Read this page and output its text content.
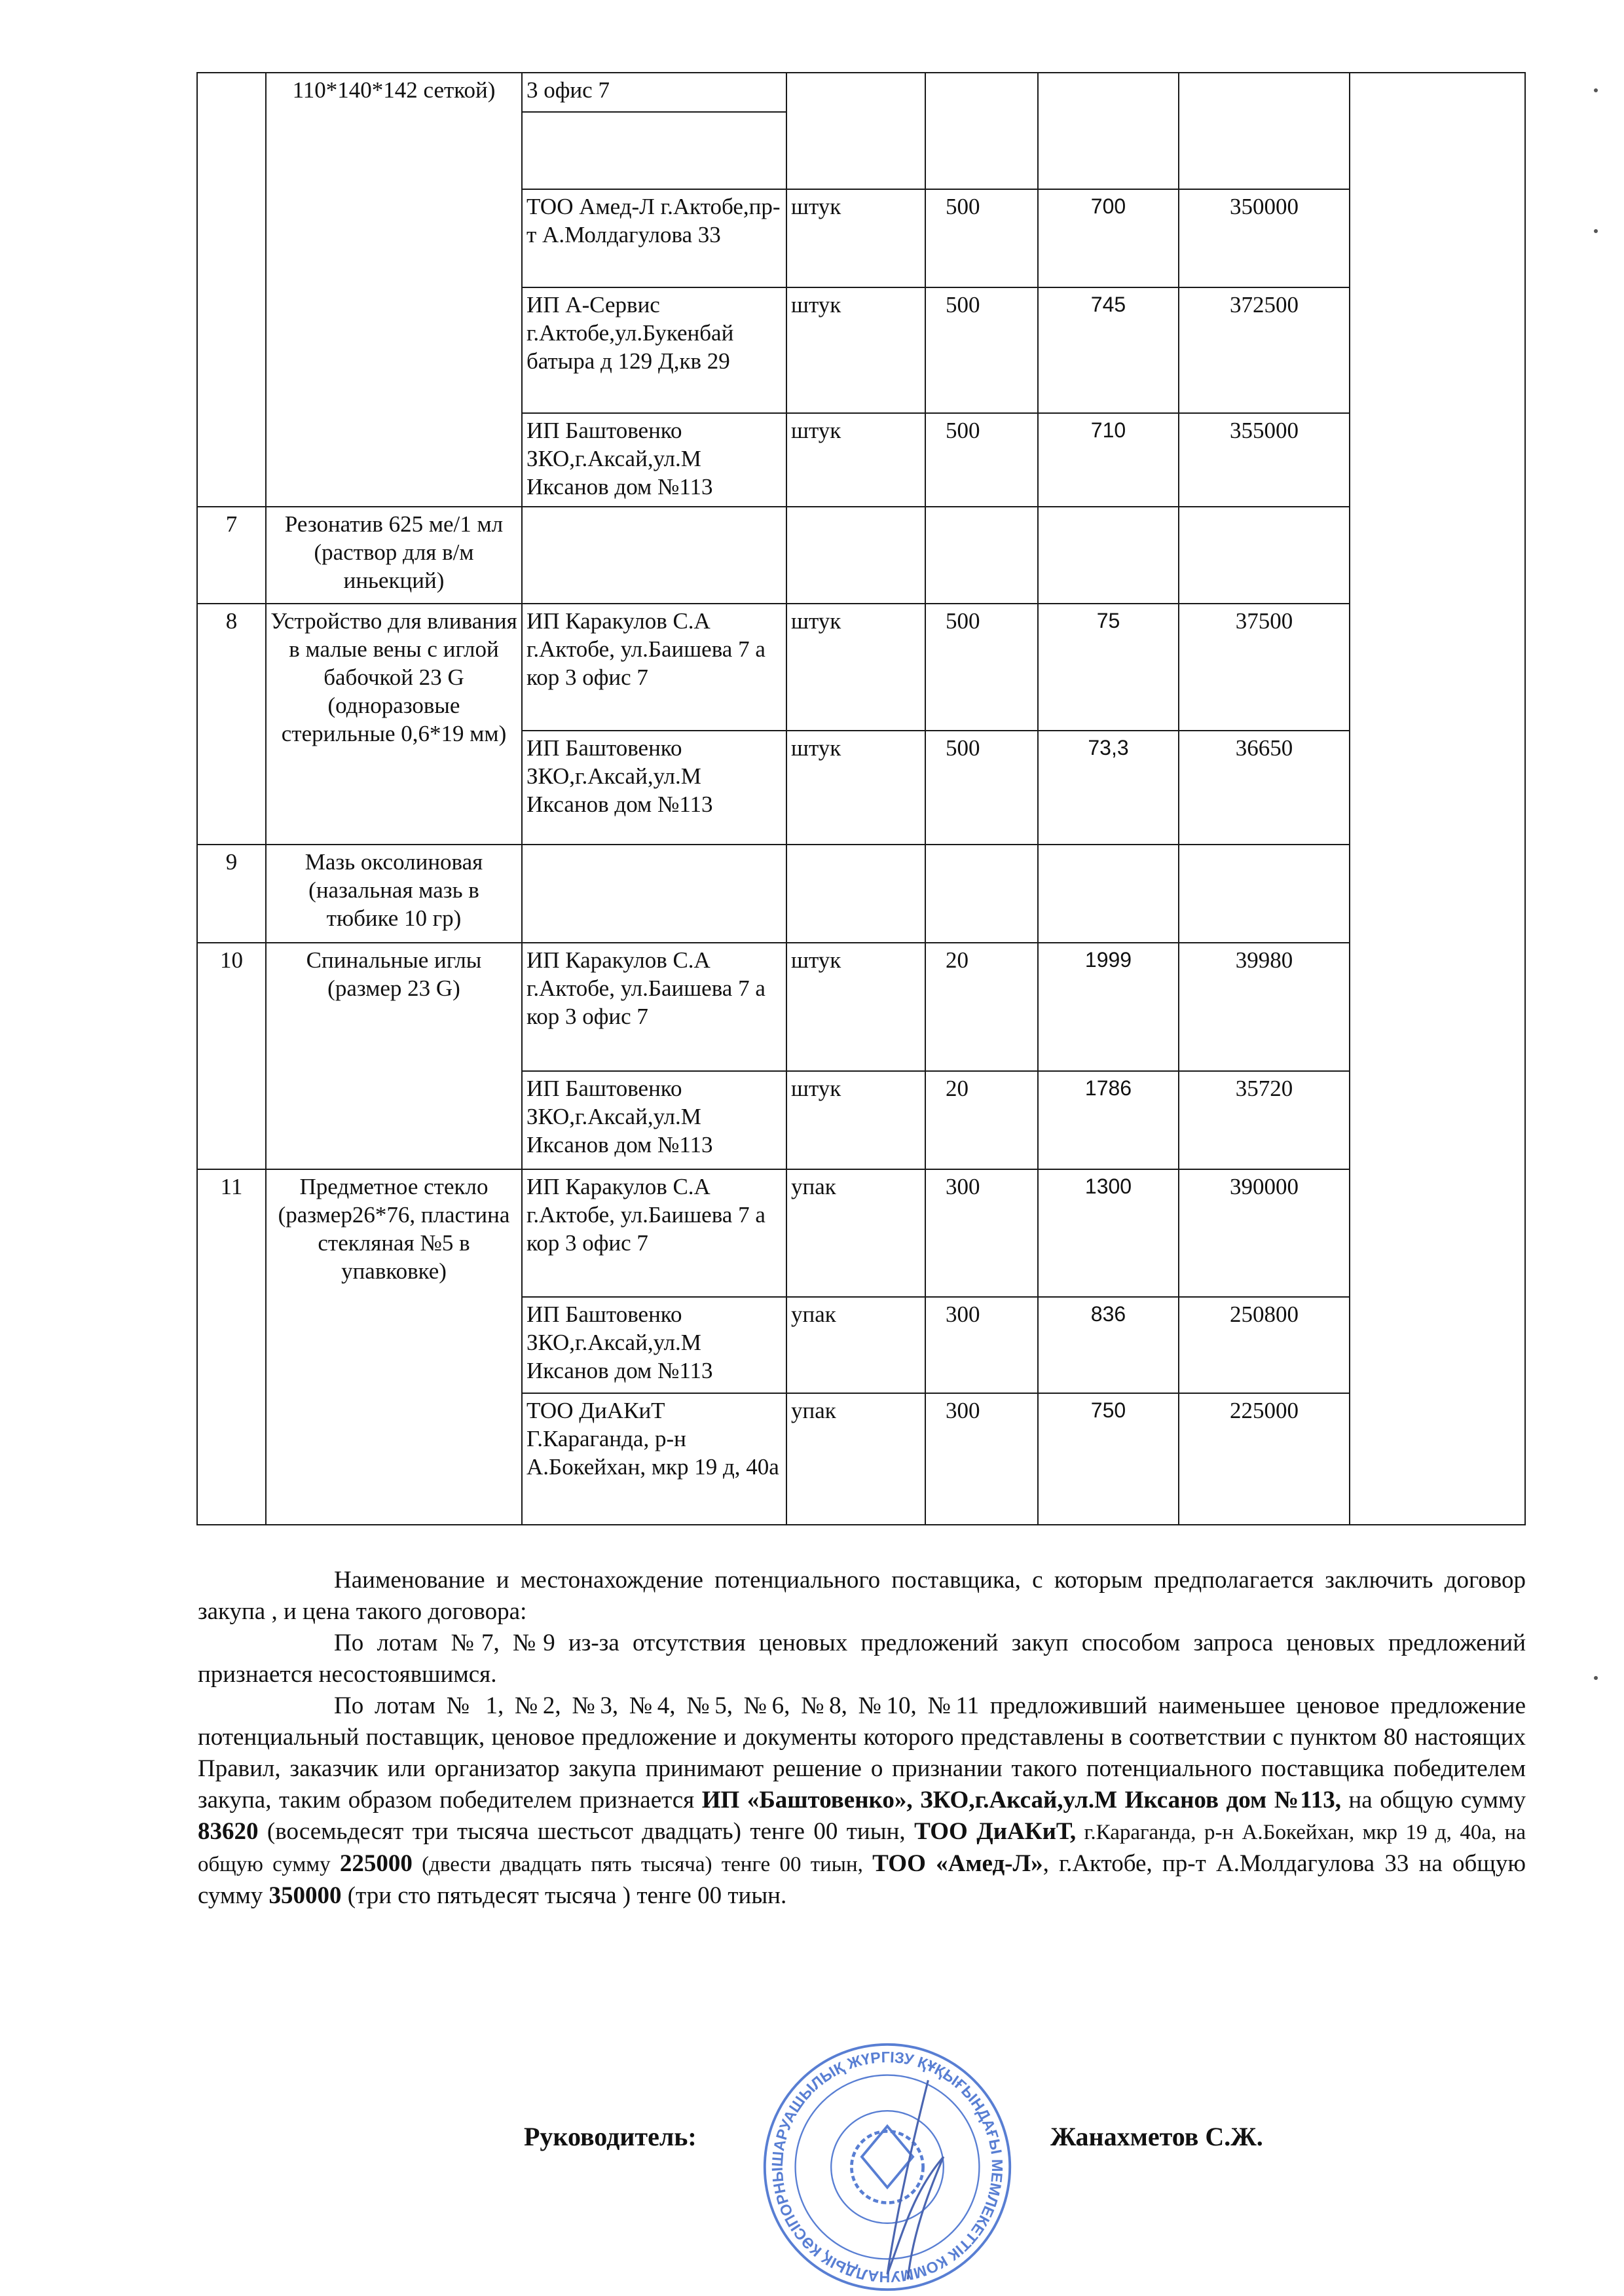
	110*140*142 сеткой)	3 офис 7					

		ТОО Амед-Л г.Актобе,пр-т А.Молдагулова 33	штук	500	700	350000	
		ИП А-Сервис г.Актобе,ул.Букенбай батыра д 129 Д,кв 29	штук	500	745	372500	
		ИП Баштовенко ЗКО,г.Аксай,ул.М Иксанов дом №113	штук	500	710	355000	
7	Резонатив 625 ме/1 мл (раствор для в/м иньекций)						
8	Устройство для вливания в малые вены с иглой бабочкой 23 G (одноразовые стерильные 0,6*19 мм)	ИП Каракулов С.А г.Актобе, ул.Баишева 7 а кор 3 офис 7	штук	500	75	37500	
		ИП Баштовенко ЗКО,г.Аксай,ул.М Иксанов дом №113	штук	500	73,3	36650	
9	Мазь оксолиновая (назальная мазь в тюбике 10 гр)						
10	Спинальные иглы (размер 23 G)	ИП Каракулов С.А г.Актобе, ул.Баишева 7 а кор 3 офис 7	штук	20	1999	39980	
		ИП Баштовенко ЗКО,г.Аксай,ул.М Иксанов дом №113	штук	20	1786	35720	
11	Предметное стекло (размер26*76, пластина стекляная №5 в упавковке)	ИП Каракулов С.А г.Актобе, ул.Баишева 7 а кор 3 офис 7	упак	300	1300	390000	
		ИП Баштовенко ЗКО,г.Аксай,ул.М Иксанов дом №113	упак	300	836	250800	
		ТОО ДиАКиТ Г.Караганда, р-н А.Бокейхан, мкр 19 д, 40а	упак	300	750	225000	

Наименование и местонахождение потенциального поставщика, с которым предполагается заключить договор закупа , и цена такого договора:

По лотам №7, №9 из-за отсутствия ценовых предложений закуп способом запроса ценовых предложений признается несостоявшимся.

По лотам № 1, №2, №3, №4, №5, №6, №8, №10, №11 предложивший наименьшее ценовое предложение потенциальный поставщик, ценовое предложение и документы которого представлены в соответствии с пунктом 80 настоящих Правил, заказчик или организатор закупа принимают решение о признании такого потенциального поставщика победителем закупа, таким образом победителем признается ИП «Баштовенко», ЗКО,г.Аксай,ул.М Иксанов дом №113, на общую сумму 83620 (восемьдесят три тысяча шестьсот двадцать) тенге 00 тиын, ТОО ДиАКиТ, г.Караганда, р-н А.Бокейхан, мкр 19 д, 40а, на общую сумму 225000 (двести двадцать пять тысяча) тенге 00 тиын, ТОО «Амед-Л», г.Актобе, пр-т А.Молдагулова 33 на общую сумму 350000 (три сто пятьдесят тысяча ) тенге 00 тиын.

ШАРУАШЫЛЫҚ ЖҮРГІЗУ ҚҰҚЫҒЫНДАҒЫ МЕМЛЕКЕТТІК КОММУНАЛДЫҚ КӘСІПОРНЫ
Руководитель:	Жанахметов С.Ж.
